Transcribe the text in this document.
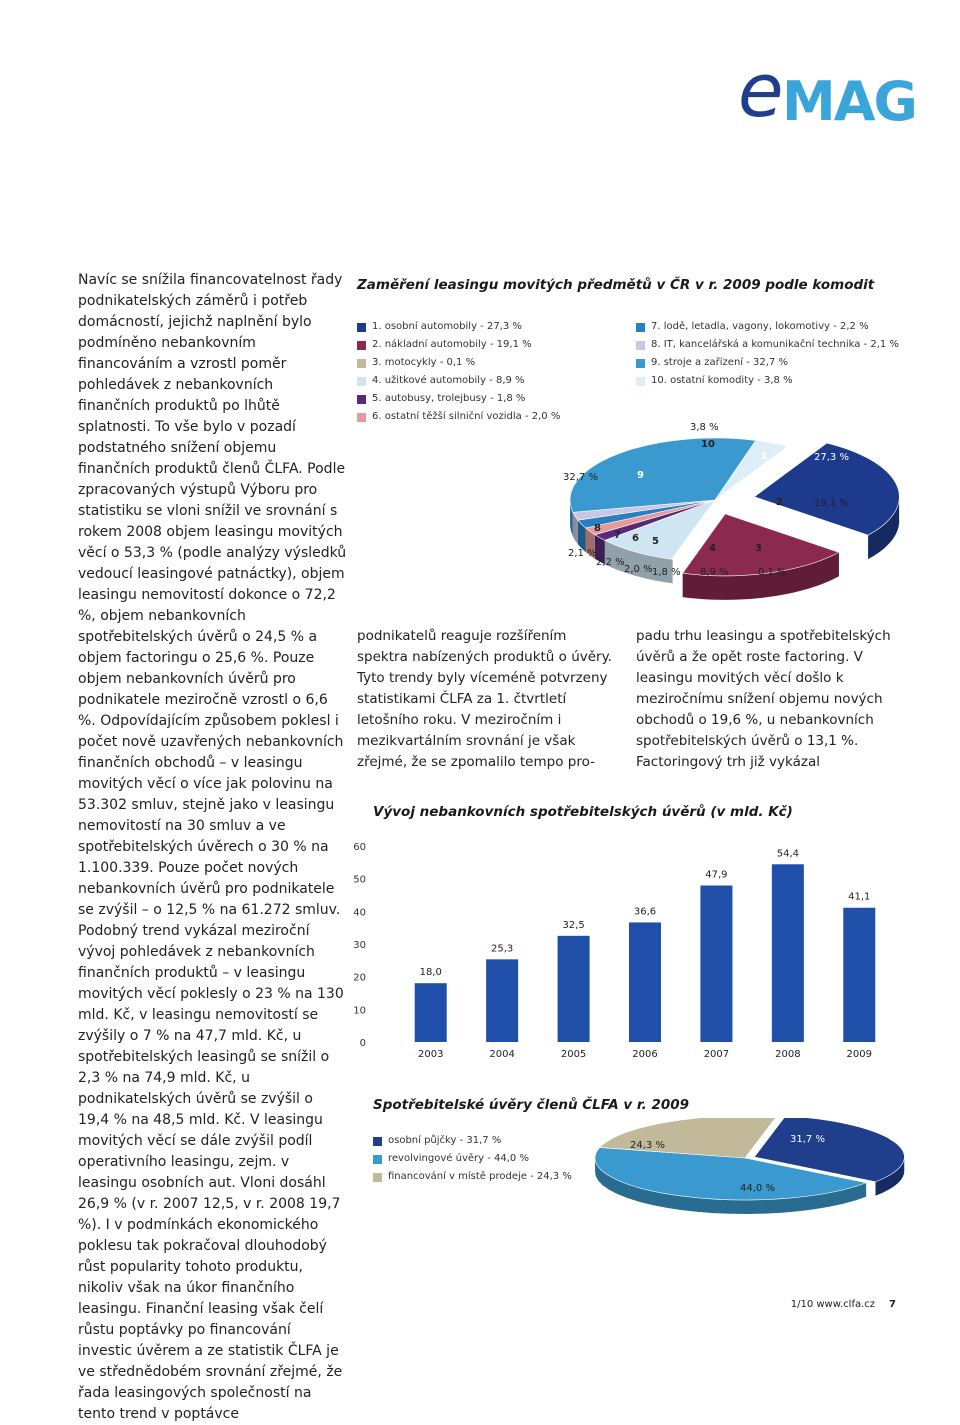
e
MAG

Navíc se snížila financovatelnost řady podnikatelských záměrů i potřeb domácností, jejichž naplnění bylo podmíněno nebankovním financováním a vzrostl poměr pohledávek z nebankovních finančních produktů po lhůtě splatnosti. To vše bylo v pozadí podstatného snížení objemu finančních produktů členů ČLFA. Podle zpracovaných výstupů Výboru pro statistiku se vloni snížil ve srovnání s rokem 2008 objem leasingu movitých věcí o 53,3 % (podle analýzy výsledků vedoucí leasingové patnáctky), objem leasingu nemovitostí dokonce o 72,2 %, objem nebankovních spotřebitelských úvěrů o 24,5 % a objem factoringu o 25,6 %. Pouze objem nebankovních úvěrů pro podnikatele meziročně vzrostl o 6,6 %. Odpovídajícím způsobem poklesl i počet nově uzavřených nebankovních finančních obchodů – v leasingu movitých věcí o více jak polovinu na 53.302 smluv, stejně jako v leasingu nemovitostí na 30 smluv a ve spotřebitelských úvěrech o 30 % na 1.100.339. Pouze počet nových nebankovních úvěrů pro podnikatele se zvýšil – o 12,5 % na 61.272 smluv. Podobný trend vykázal meziroční vývoj pohledávek z nebankovních finančních produktů – v leasingu movitých věcí poklesly o 23 % na 130 mld. Kč, v leasingu nemovitostí se zvýšily o 7 % na 47,7 mld. Kč, u spotřebitelských leasingů se snížil o 2,3 % na 74,9 mld. Kč, u podnikatelských úvěrů se zvýšil o 19,4 % na 48,5 mld. Kč. V leasingu movitých věcí se dále zvýšil podíl operativního leasingu, zejm. v leasingu osobních aut. Vloni dosáhl 26,9 % (v r. 2007 12,5, v r. 2008 19,7 %). I v podmínkách ekonomického poklesu tak pokračoval dlouhodobý růst popularity tohoto produktu, nikoliv však na úkor finančního leasingu. Finanční leasing však čelí růstu poptávky po financování investic úvěrem a ze statistik ČLFA je ve střednědobém srovnání zřejmé, že řada leasingových společností na tento trend v poptávce

Zaměření leasingu movitých předmětů v ČR v r. 2009 podle komodit
1. osobní automobily - 27,3 %
2. nákladní automobily - 19,1 %
3. motocykly - 0,1 %
4. užitkové automobily - 8,9 %
5. autobusy, trolejbusy - 1,8 %
6. ostatní těžší silniční vozidla - 2,0 %
7. lodě, letadla, vagony, lokomotivy - 2,2 %
8. IT, kancelářská a komunikační technika - 2,1 %
9. stroje a zařízení - 32,7 %
10. ostatní komodity - 3,8 %
10
3,8 %
1	27,3 %
2	19,1 %
9
32,7 %
8
2,1 %
7
2,2 %
6
2,0 %
5
1,8 %
4
8,9 %
3
0,1 %

podnikatelů reaguje rozšířením spektra nabízených produktů o úvěry. Tyto trendy byly víceméně potvrzeny statistikami ČLFA za 1. čtvrtletí letošního roku. V meziročním i mezikvartálním srovnání je však zřejmé, že se zpomalilo tempo pro-

padu trhu leasingu a spotřebitelských úvěrů a že opět roste factoring. V leasingu movitých věcí došlo k meziročnímu snížení objemu nových obchodů o 19,6 %, u nebankovních spotřebitelských úvěrů o 13,1 %. Factoringový trh již vykázal

Vývoj nebankovních spotřebitelských úvěrů (v mld. Kč)
0
10
20
30
40
50
60
18,0
2003
25,3
2004
32,5
2005
36,6
2006
47,9
2007
54,4
2008
41,1
2009
Spotřebitelské úvěry členů ČLFA v r. 2009
osobní půjčky - 31,7 %
revolvingové úvěry - 44,0 %
financování v místě prodeje - 24,3 %
24,3 %
31,7 %
44,0 %
1/10 www.clfa.cz 7
